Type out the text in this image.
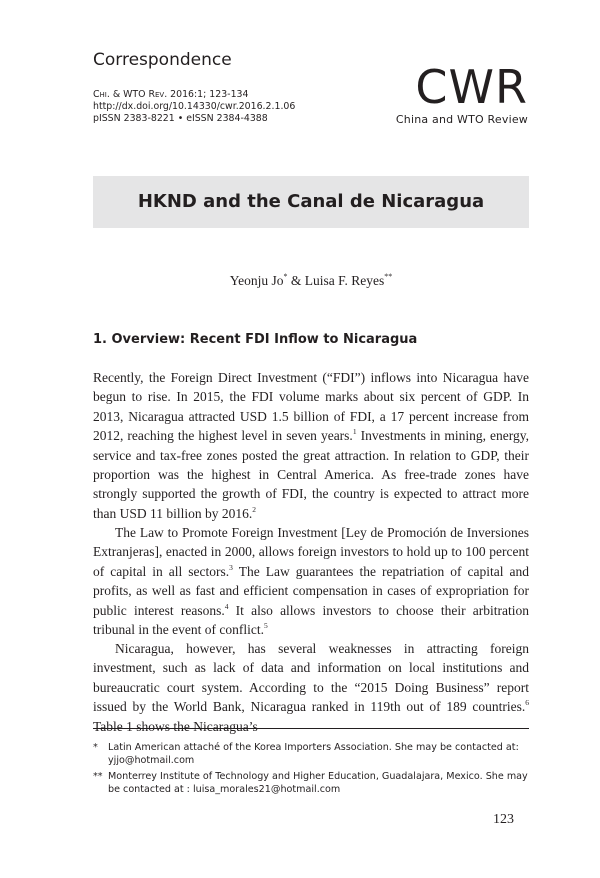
Correspondence
Chi. & WTO Rev. 2016:1; 123-134
http://dx.doi.org/10.14330/cwr.2016.2.1.06
pISSN 2383-8221 • eISSN 2384-4388
CWR
China and WTO Review
HKND and the Canal de Nicaragua
Yeonju Jo* & Luisa F. Reyes**
1. Overview: Recent FDI Inflow to Nicaragua
Recently, the Foreign Direct Investment (“FDI”) inflows into Nicaragua have begun to rise. In 2015, the FDI volume marks about six percent of GDP. In 2013, Nicaragua attracted USD 1.5 billion of FDI, a 17 percent increase from 2012, reaching the highest level in seven years.$^1$ Investments in mining, energy, service and tax-free zones posted the great attraction. In relation to GDP, their proportion was the highest in Central America. As free-trade zones have strongly supported the growth of FDI, the country is expected to attract more than USD 11 billion by 2016.$^2$
The Law to Promote Foreign Investment [Ley de Promoción de Inversiones Extranjeras], enacted in 2000, allows foreign investors to hold up to 100 percent of capital in all sectors.$^3$ The Law guarantees the repatriation of capital and profits, as well as fast and efficient compensation in cases of expropriation for public interest reasons.$^4$ It also allows investors to choose their arbitration tribunal in the event of conflict.$^5$
Nicaragua, however, has several weaknesses in attracting foreign investment, such as lack of data and information on local institutions and bureaucratic court system. According to the “2015 Doing Business” report issued by the World Bank, Nicaragua ranked in 119th out of 189 countries.$^6$ Table 1 shows the Nicaragua’s
* Latin American attaché of the Korea Importers Association. She may be contacted at: yjjo@hotmail.com
** Monterrey Institute of Technology and Higher Education, Guadalajara, Mexico. She may be contacted at : luisa_morales21@hotmail.com
123
